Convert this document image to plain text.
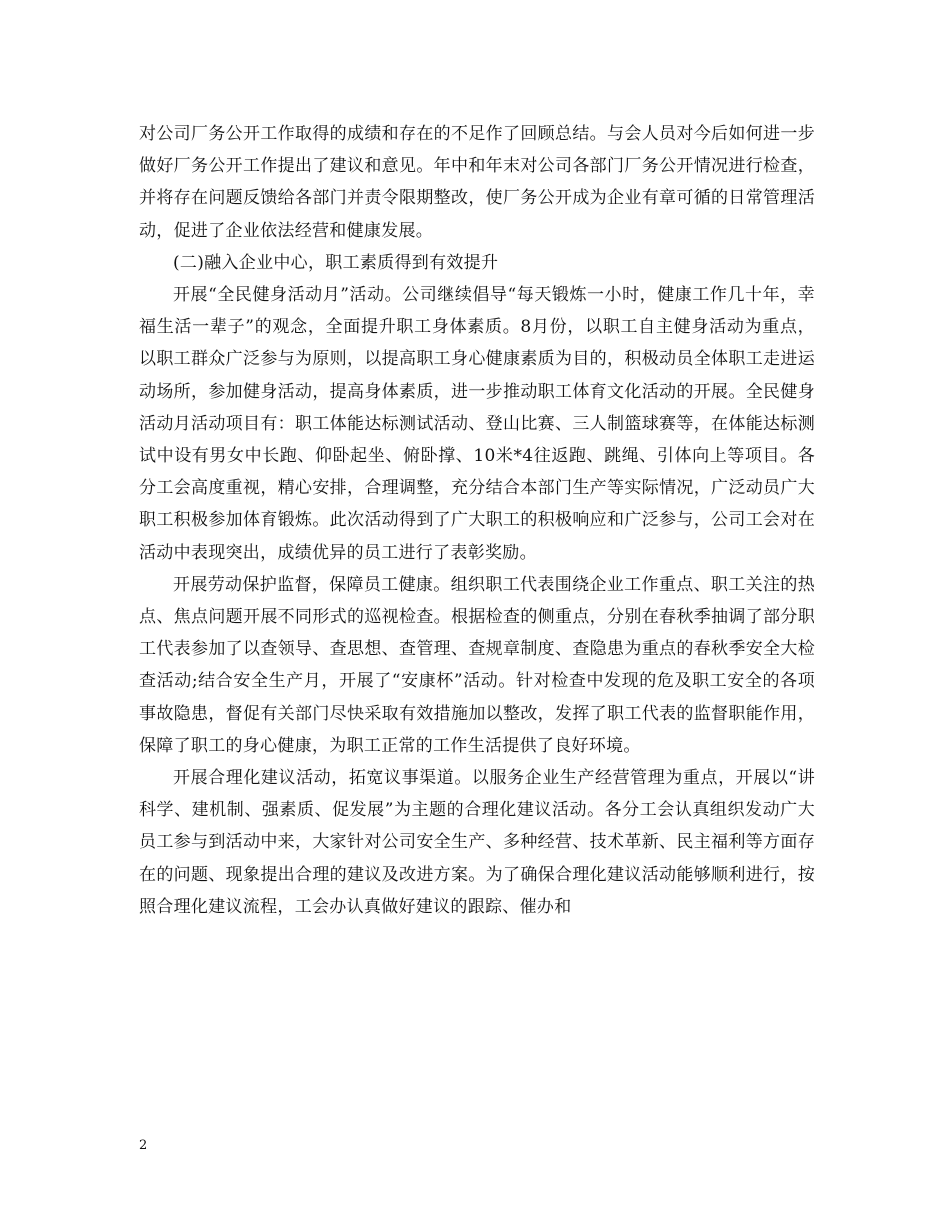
对公司厂务公开工作取得的成绩和存在的不足作了回顾总结。与会人员对今后如何进一步做好厂务公开工作提出了建议和意见。年中和年末对公司各部门厂务公开情况进行检查，并将存在问题反馈给各部门并责令限期整改，使厂务公开成为企业有章可循的日常管理活动，促进了企业依法经营和健康发展。

(二)融入企业中心，职工素质得到有效提升

开展“全民健身活动月”活动。公司继续倡导“每天锻炼一小时，健康工作几十年，幸福生活一辈子”的观念，全面提升职工身体素质。8月份，以职工自主健身活动为重点，以职工群众广泛参与为原则，以提高职工身心健康素质为目的，积极动员全体职工走进运动场所，参加健身活动，提高身体素质，进一步推动职工体育文化活动的开展。全民健身活动月活动项目有：职工体能达标测试活动、登山比赛、三人制篮球赛等，在体能达标测试中设有男女中长跑、仰卧起坐、俯卧撑、10米*4往返跑、跳绳、引体向上等项目。各分工会高度重视，精心安排，合理调整，充分结合本部门生产等实际情况，广泛动员广大职工积极参加体育锻炼。此次活动得到了广大职工的积极响应和广泛参与，公司工会对在活动中表现突出，成绩优异的员工进行了表彰奖励。

开展劳动保护监督，保障员工健康。组织职工代表围绕企业工作重点、职工关注的热点、焦点问题开展不同形式的巡视检查。根据检查的侧重点，分别在春秋季抽调了部分职工代表参加了以查领导、查思想、查管理、查规章制度、查隐患为重点的春秋季安全大检查活动;结合安全生产月，开展了“安康杯”活动。针对检查中发现的危及职工安全的各项事故隐患，督促有关部门尽快采取有效措施加以整改，发挥了职工代表的监督职能作用，保障了职工的身心健康，为职工正常的工作生活提供了良好环境。

开展合理化建议活动，拓宽议事渠道。以服务企业生产经营管理为重点，开展以“讲科学、建机制、强素质、促发展”为主题的合理化建议活动。各分工会认真组织发动广大员工参与到活动中来，大家针对公司安全生产、多种经营、技术革新、民主福利等方面存在的问题、现象提出合理的建议及改进方案。为了确保合理化建议活动能够顺利进行，按照合理化建议流程，工会办认真做好建议的跟踪、催办和

2
